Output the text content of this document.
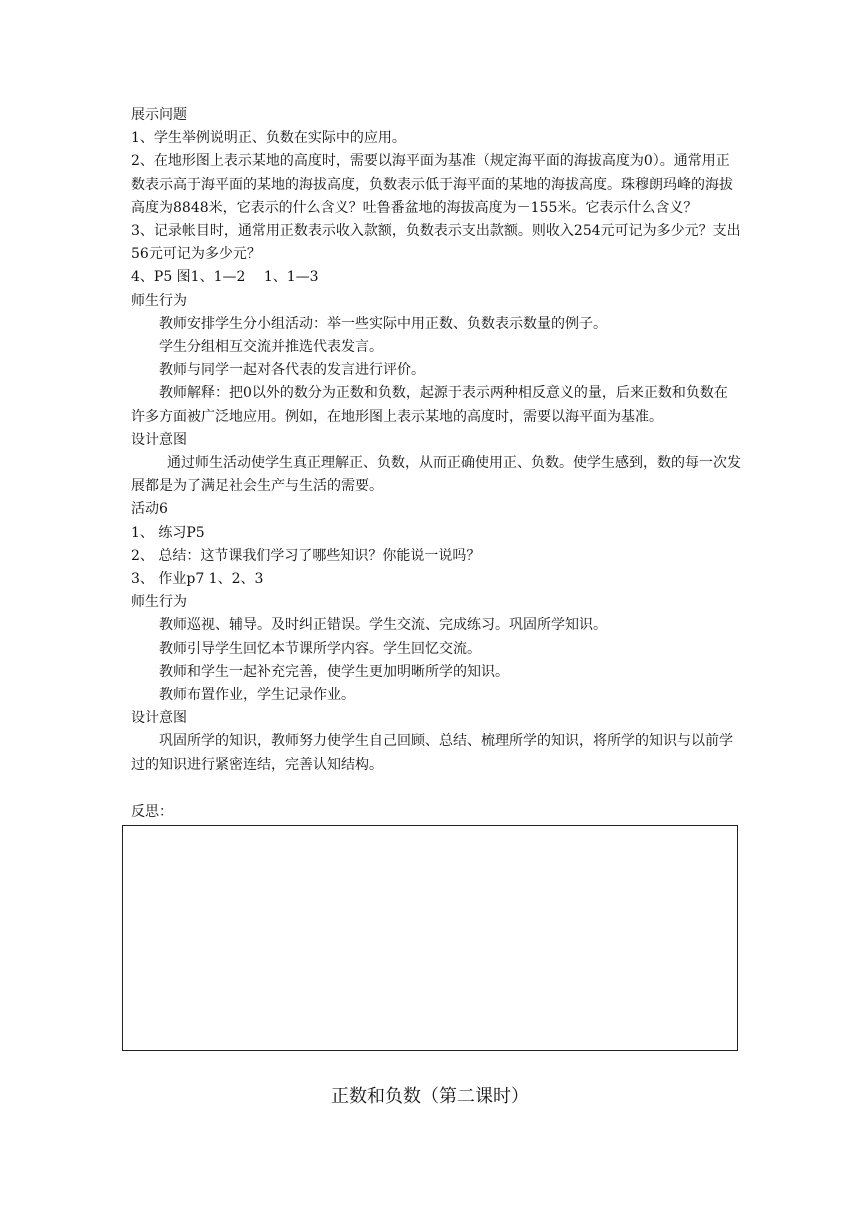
展示问题
1、学生举例说明正、负数在实际中的应用。
2、在地形图上表示某地的高度时，需要以海平面为基准（规定海平面的海拔高度为0）。通常用正数表示高于海平面的某地的海拔高度，负数表示低于海平面的某地的海拔高度。珠穆朗玛峰的海拔高度为8848米，它表示的什么含义？吐鲁番盆地的海拔高度为－155米。它表示什么含义？
3、记录帐目时，通常用正数表示收入款额，负数表示支出款额。则收入254元可记为多少元？支出56元可记为多少元？
4、P5 图1、1—2　 1、1—3
师生行为
教师安排学生分小组活动：举一些实际中用正数、负数表示数量的例子。
学生分组相互交流并推选代表发言。
教师与同学一起对各代表的发言进行评价。
教师解释：把0以外的数分为正数和负数，起源于表示两种相反意义的量，后来正数和负数在许多方面被广泛地应用。例如，在地形图上表示某地的高度时，需要以海平面为基准。
设计意图
通过师生活动使学生真正理解正、负数，从而正确使用正、负数。使学生感到，数的每一次发展都是为了满足社会生产与生活的需要。
活动6
1、 练习P5
2、 总结：这节课我们学习了哪些知识？你能说一说吗？
3、 作业p7 1、2、3
师生行为
教师巡视、辅导。及时纠正错误。学生交流、完成练习。巩固所学知识。
教师引导学生回忆本节课所学内容。学生回忆交流。
教师和学生一起补充完善，使学生更加明晰所学的知识。
教师布置作业，学生记录作业。
设计意图
巩固所学的知识，教师努力使学生自己回顾、总结、梳理所学的知识，将所学的知识与以前学过的知识进行紧密连结，完善认知结构。
反思：
正数和负数（第二课时）
